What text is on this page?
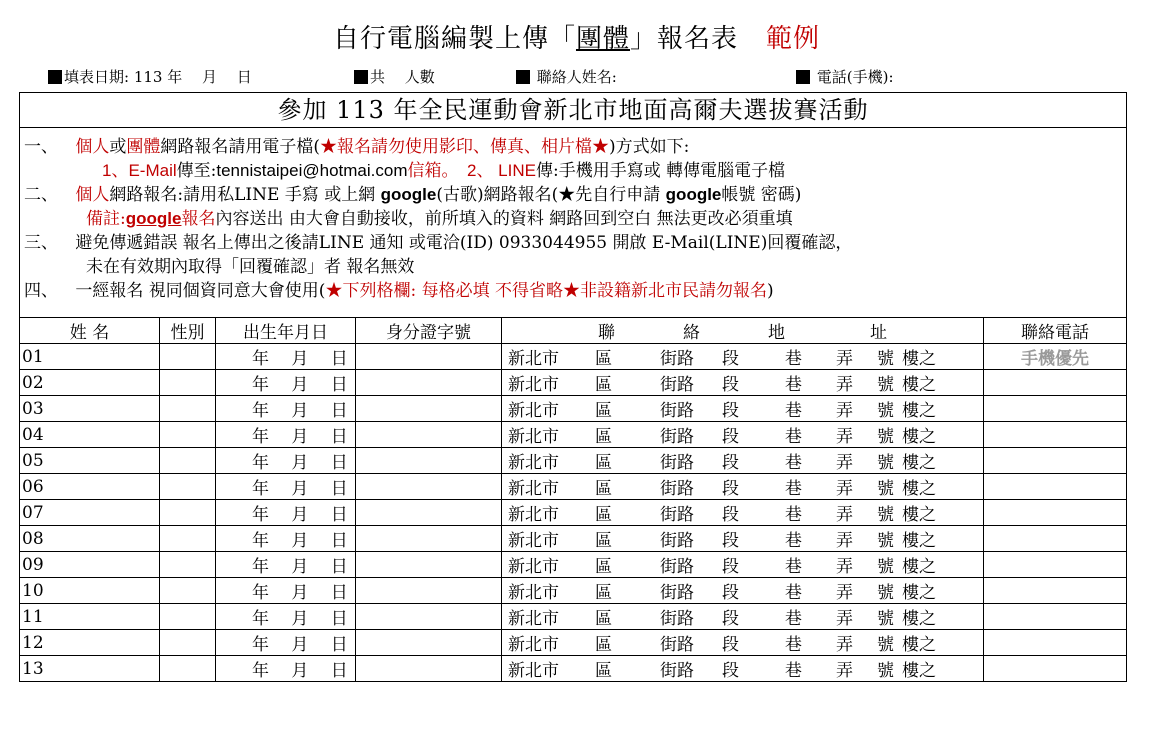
自行電腦編製上傳「團體」報名表 範例
填表日期: 113 年　 月　 日	共　 人數	聯絡人姓名:	電話(手機):
參加 113 年全民運動會新北市地面高爾夫選拔賽活動
一、 個人或團體網路報名請用電子檔(★報名請勿使用影印、傳真、相片檔★)方式如下:
1、E-Mail傳至:tennistaipei@hotmai.com信箱。　2、 LINE傳:手機用手寫或 轉傳電腦電子檔
二、 個人網路報名:請用私LINE 手寫 或上網 google(古歌)網路報名(★先自行申請 google帳號 密碼)
備註:google報名內容送出 由大會自動接收，前所填入的資料 網路回到空白 無法更改必須重填
三、 避免傳遞錯誤 報名上傳出之後請LINE 通知 或電洽(ID) 0933044955 開啟 E-Mail(LINE)回覆確認，
未在有效期內取得「回覆確認」者 報名無效
四、 一經報名 視同個資同意大會使用(★下列格欄: 每格必填 不得省略★非設籍新北市民請勿報名)
姓 名	性別	出生年月日	身分證字號	聯　　　　絡　　　　地　　　　　址	聯絡電話
01		年　 月　 日		新北市 區 街路 段 巷 弄 號 樓之	手機優先
02		年　 月　 日		新北市 區 街路 段 巷 弄 號 樓之	
03		年　 月　 日		新北市 區 街路 段 巷 弄 號 樓之	
04		年　 月　 日		新北市 區 街路 段 巷 弄 號 樓之	
05		年　 月　 日		新北市 區 街路 段 巷 弄 號 樓之	
06		年　 月　 日		新北市 區 街路 段 巷 弄 號 樓之	
07		年　 月　 日		新北市 區 街路 段 巷 弄 號 樓之	
08		年　 月　 日		新北市 區 街路 段 巷 弄 號 樓之	
09		年　 月　 日		新北市 區 街路 段 巷 弄 號 樓之	
10		年　 月　 日		新北市 區 街路 段 巷 弄 號 樓之	
11		年　 月　 日		新北市 區 街路 段 巷 弄 號 樓之	
12		年　 月　 日		新北市 區 街路 段 巷 弄 號 樓之	
13		年　 月　 日		新北市 區 街路 段 巷 弄 號 樓之	
